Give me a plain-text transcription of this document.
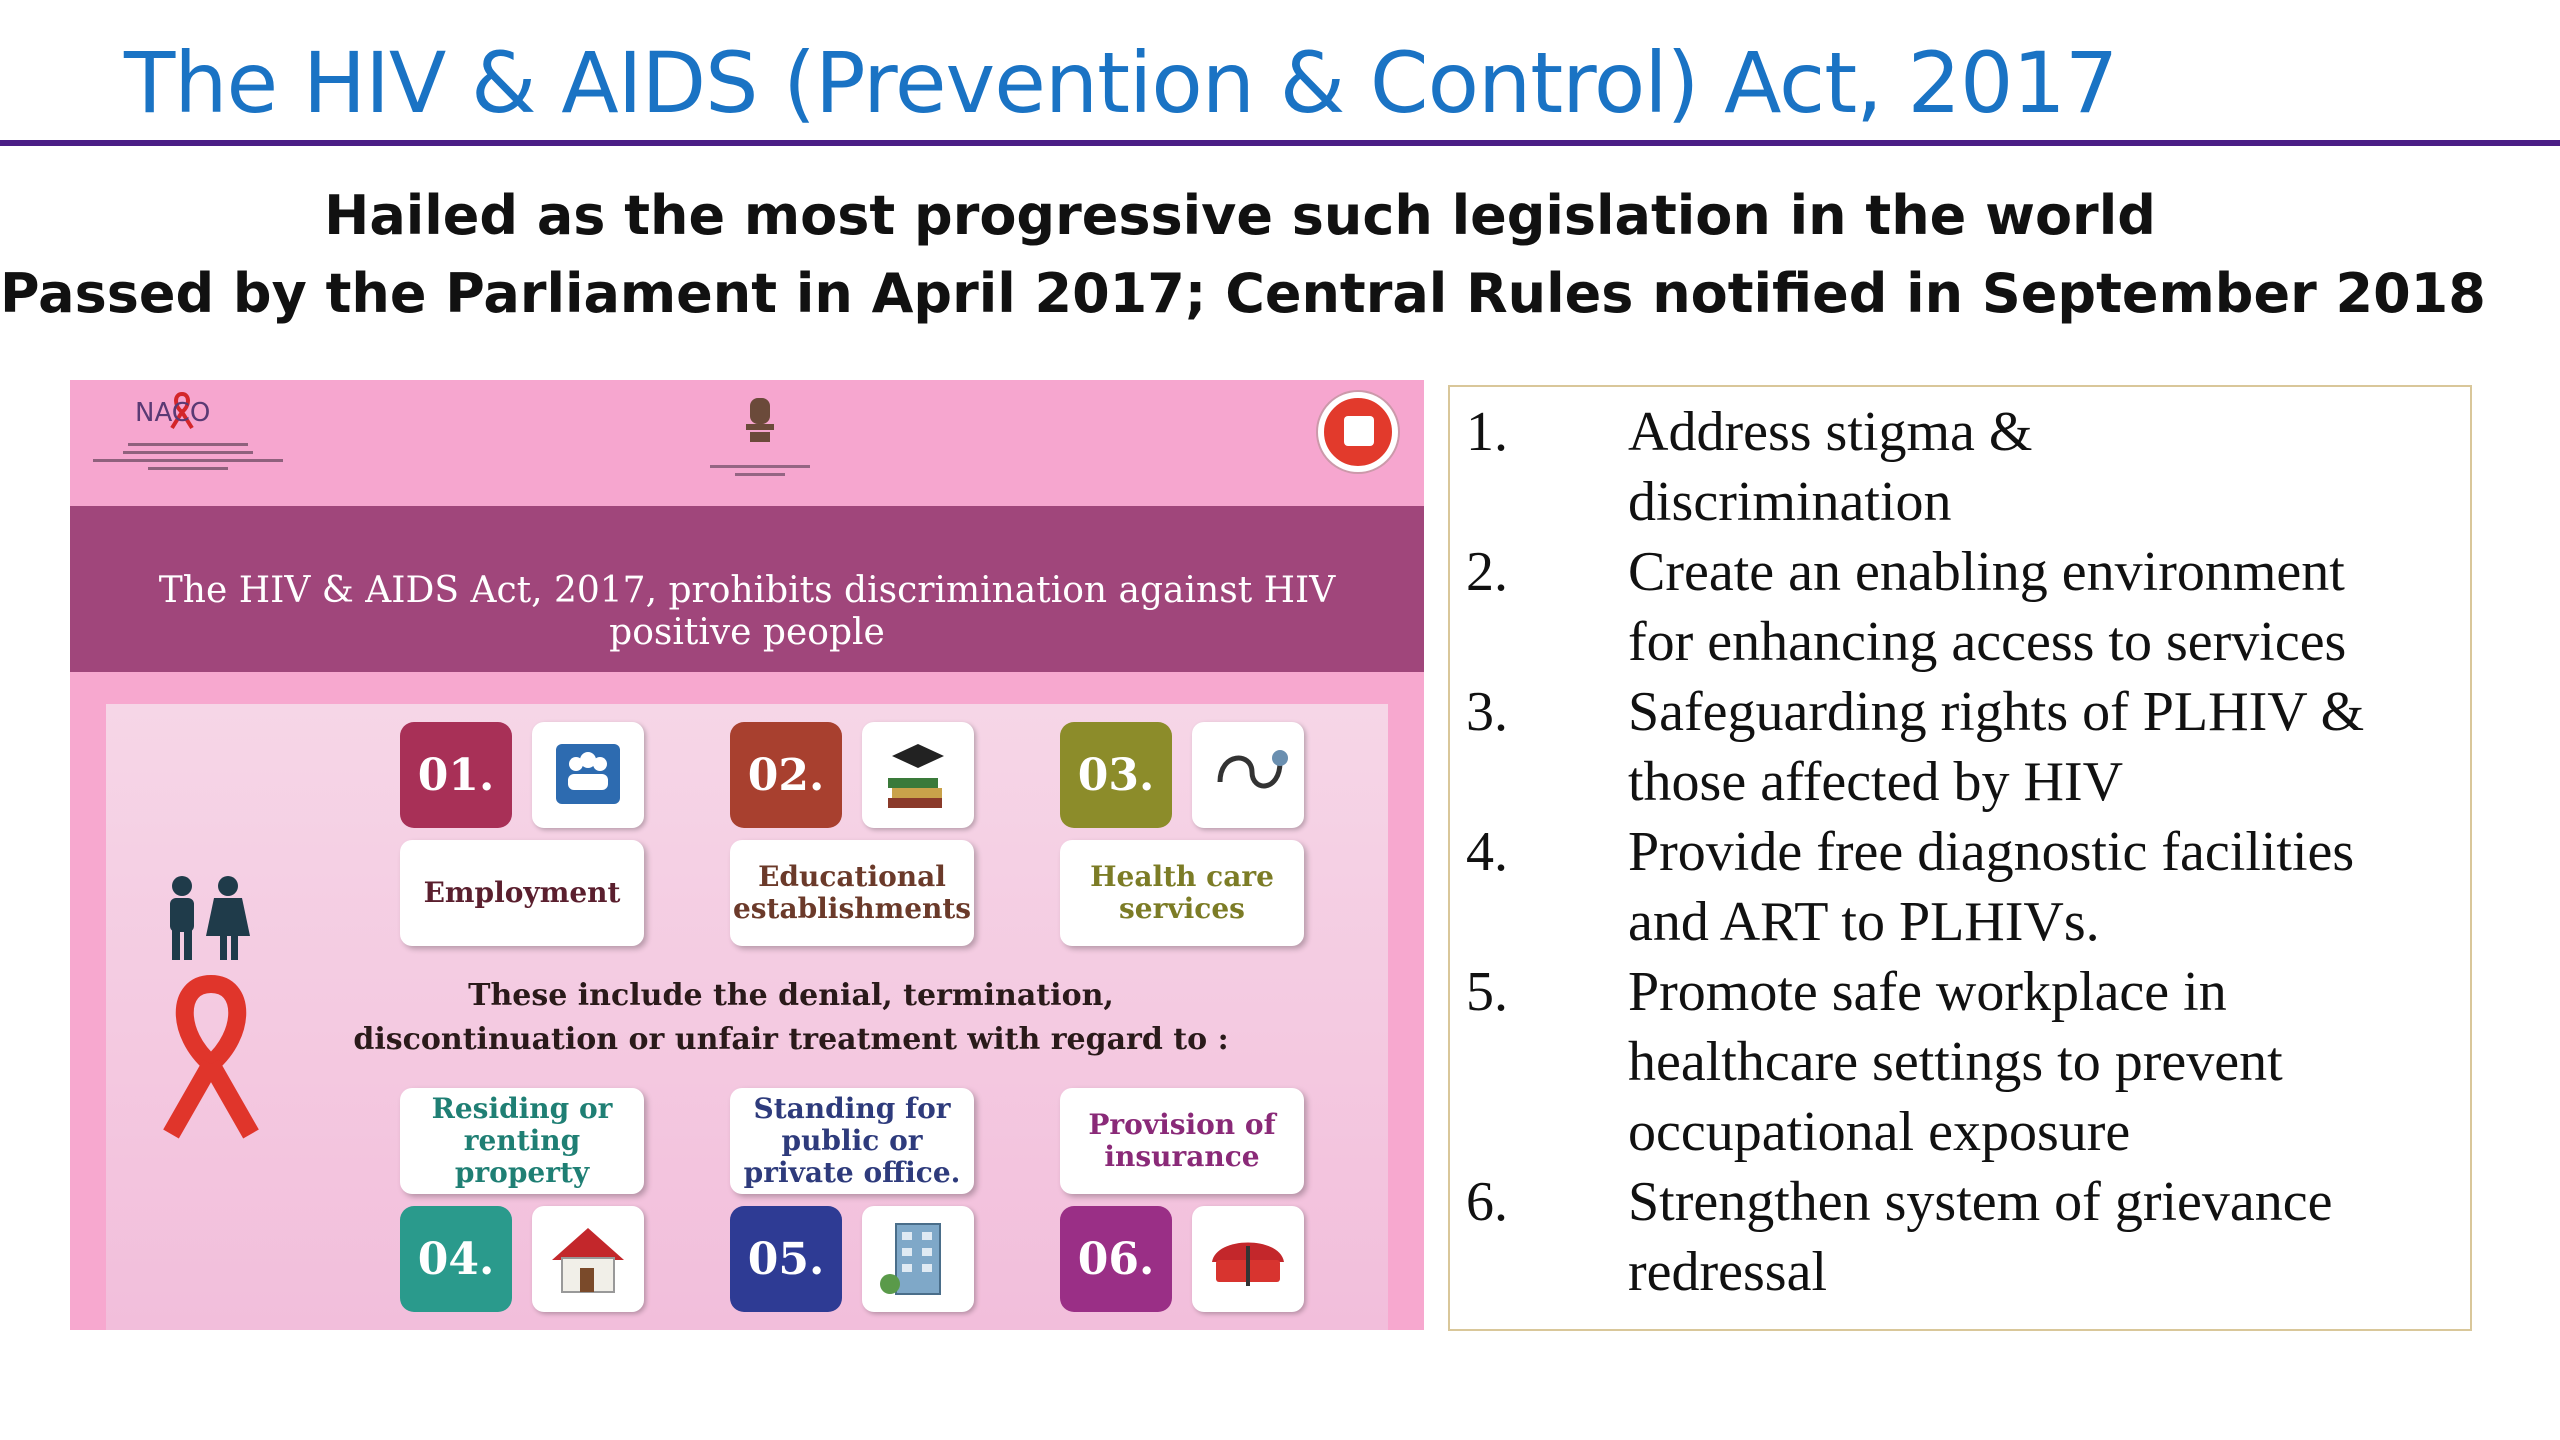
The HIV & AIDS (Prevention & Control) Act, 2017
Hailed as the most progressive such legislation in the world
Passed by the Parliament in April 2017; Central Rules notified in September 2018
NACO
The HIV & AIDS Act, 2017, prohibits discrimination against HIV
positive people
01.
Employment
02.
Educational
establishments
03.
Health care
services
These include the denial, termination,
discontinuation or unfair treatment with regard to :
Residing or
renting
property
04.
Standing for
public or
private office.
05.
Provision of
insurance
06.
1.	Address stigma &
discrimination
2.	Create an enabling environment
for enhancing access to services
3.	Safeguarding rights of PLHIV &
those affected by HIV
4.	Provide free diagnostic facilities
and ART to PLHIVs.
5.	Promote safe workplace in
healthcare settings to prevent
occupational exposure
6.	Strengthen system of grievance
redressal
